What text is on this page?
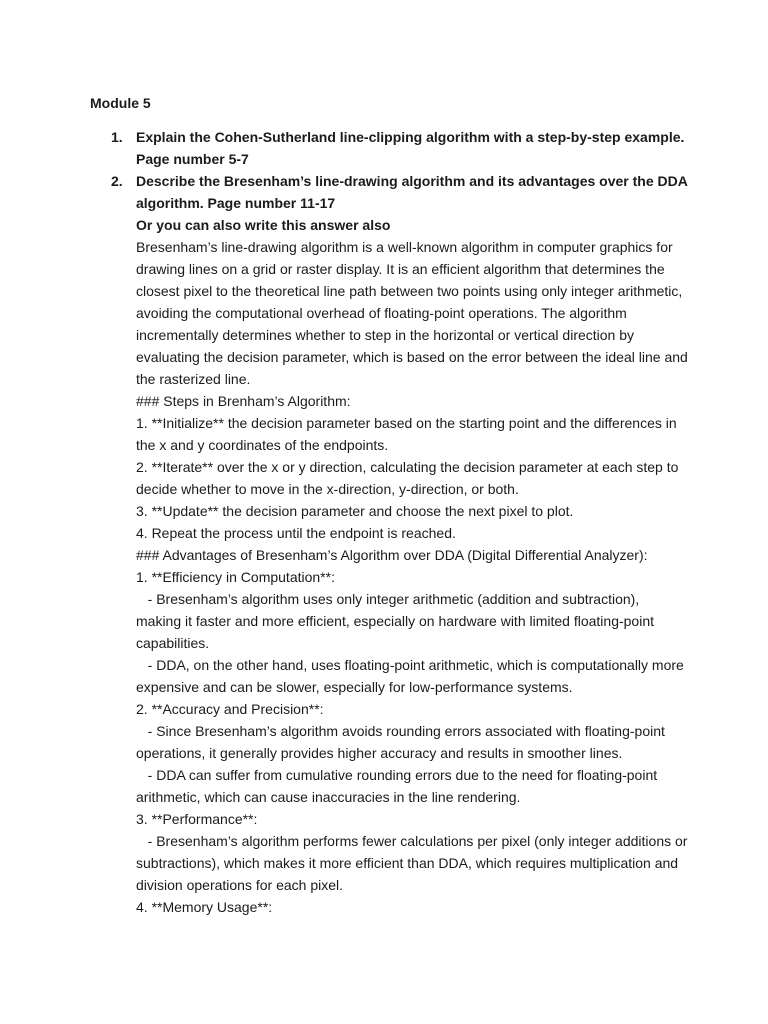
Module 5

1. Explain the Cohen-Sutherland line-clipping algorithm with a step-by-step example. Page number 5-7

2. Describe the Bresenham’s line-drawing algorithm and its advantages over the DDA algorithm. Page number 11-17

Or you can also write this answer also

Bresenham’s line-drawing algorithm is a well-known algorithm in computer graphics for drawing lines on a grid or raster display. It is an efficient algorithm that determines the closest pixel to the theoretical line path between two points using only integer arithmetic, avoiding the computational overhead of floating-point operations. The algorithm incrementally determines whether to step in the horizontal or vertical direction by evaluating the decision parameter, which is based on the error between the ideal line and the rasterized line.

### Steps in Brenham’s Algorithm:

1. **Initialize** the decision parameter based on the starting point and the differences in the x and y coordinates of the endpoints.

2. **Iterate** over the x or y direction, calculating the decision parameter at each step to decide whether to move in the x-direction, y-direction, or both.

3. **Update** the decision parameter and choose the next pixel to plot.

4. Repeat the process until the endpoint is reached.

### Advantages of Bresenham’s Algorithm over DDA (Digital Differential Analyzer):

1. **Efficiency in Computation**:

- Bresenham’s algorithm uses only integer arithmetic (addition and subtraction), making it faster and more efficient, especially on hardware with limited floating-point capabilities.

- DDA, on the other hand, uses floating-point arithmetic, which is computationally more expensive and can be slower, especially for low-performance systems.

2. **Accuracy and Precision**:

- Since Bresenham’s algorithm avoids rounding errors associated with floating-point operations, it generally provides higher accuracy and results in smoother lines.

- DDA can suffer from cumulative rounding errors due to the need for floating-point arithmetic, which can cause inaccuracies in the line rendering.

3. **Performance**:

- Bresenham’s algorithm performs fewer calculations per pixel (only integer additions or subtractions), which makes it more efficient than DDA, which requires multiplication and division operations for each pixel.

4. **Memory Usage**:
